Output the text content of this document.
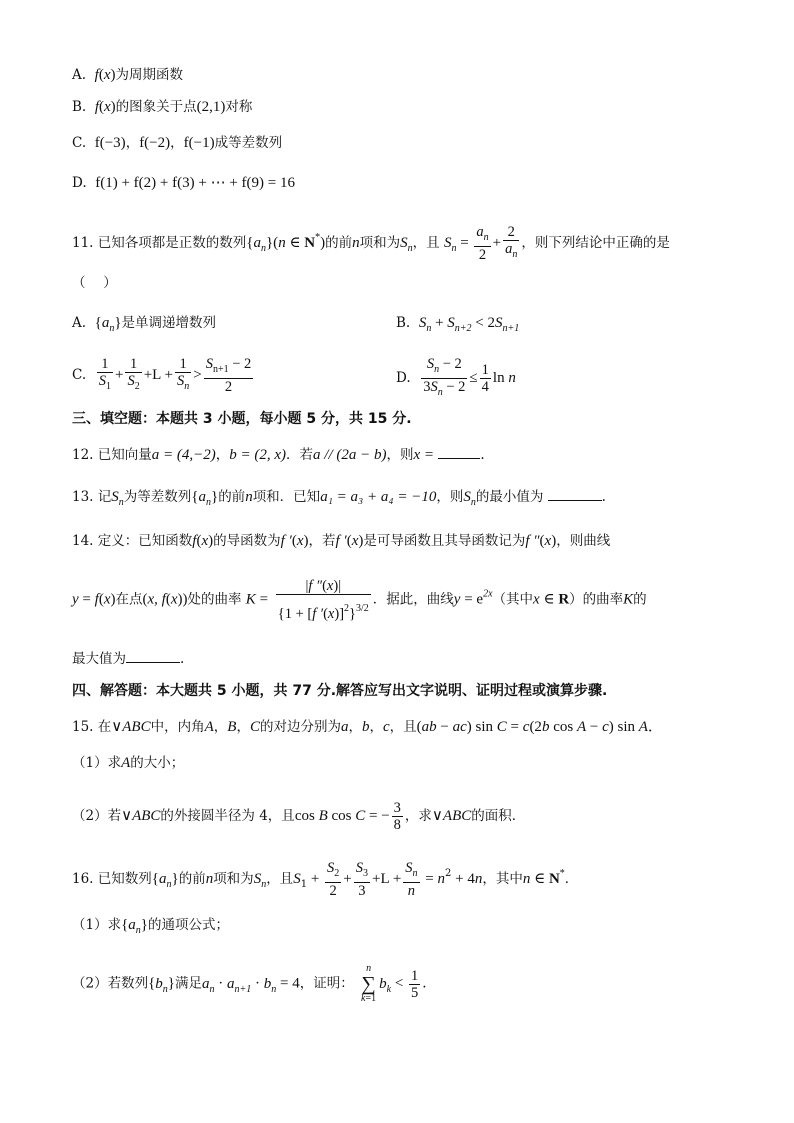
A. f(x)为周期函数
B. f(x)的图象关于点(2,1)对称
C. f(−3)，f(−2)，f(−1)成等差数列
D. f(1) + f(2) + f(3) + ⋯ + f(9) = 16
11. 已知各项都是正数的数列$\{a_n\}(n$ ∈ N*)的前n项和为$S_n$，且 $S_n = \frac{a_n}{2} + \frac{2}{a_n}$ ，则下列结论中正确的是
（　 ）
A. $\{a_n\}$是单调递增数列	B. $S_n + S_{n+2} < 2S_{n+1}$
C. $\frac{1}{S_1} + \frac{1}{S_2} +L + \frac{1}{S_n} > \frac{S_{n+1} - 2}{2}$	D. $\frac{S_n - 2}{3S_n - 2} \le \frac{1}{4}$ ln n
三、填空题：本题共 3 小题，每小题 5 分，共 15 分.
12. 已知向量a = (4,−2)，b = (2, x)．若a // (2a − b)，则x =	.
13. 记$S_n$为等差数列$\{a_n\}$的前n项和．已知a₁ = a₃ + a₄ = −10，则$S_n$的最小值为	.
14. 定义：已知函数f(x)的导函数为f ′(x)，若f ′(x)是可导函数且其导函数记为f ″(x)，则曲线
y = f(x)在点(x, f(x))处的曲率 $K = \frac{|f ''(x)|}{\{1 + [f '(x)]^2\}^{3/2}}$ ．据此，曲线$y = e^{2x}$（其中x ∈ R）的曲率K的
最大值为	.
四、解答题：本大题共 5 小题，共 77 分.解答应写出文字说明、证明过程或演算步骤.
15. 在∨ABC中，内角A，B，C的对边分别为a，b，c，且(ab − ac) sin C = c(2b cos A − c) sin A．
（1）求A的大小；
（2）若∨ABC的外接圆半径为 4，且cos B cos C = − $\frac{3}{8}$ ，求∨ABC的面积．
16. 已知数列$\{a_n\}$的前n项和为$S_n$，且$S_1 + \frac{S_2}{2} + \frac{S_3}{3} +L + \frac{S_n}{n} = n^2 + 4n$，其中n ∈ N*．
（1）求$\{a_n\}$的通项公式；
（2）若数列$\{b_n\}$满足$a_n \cdot a_{n+1} \cdot b_n = 4$，证明：
n
∑
k=1
$b_k < \frac{1}{5}$ .
